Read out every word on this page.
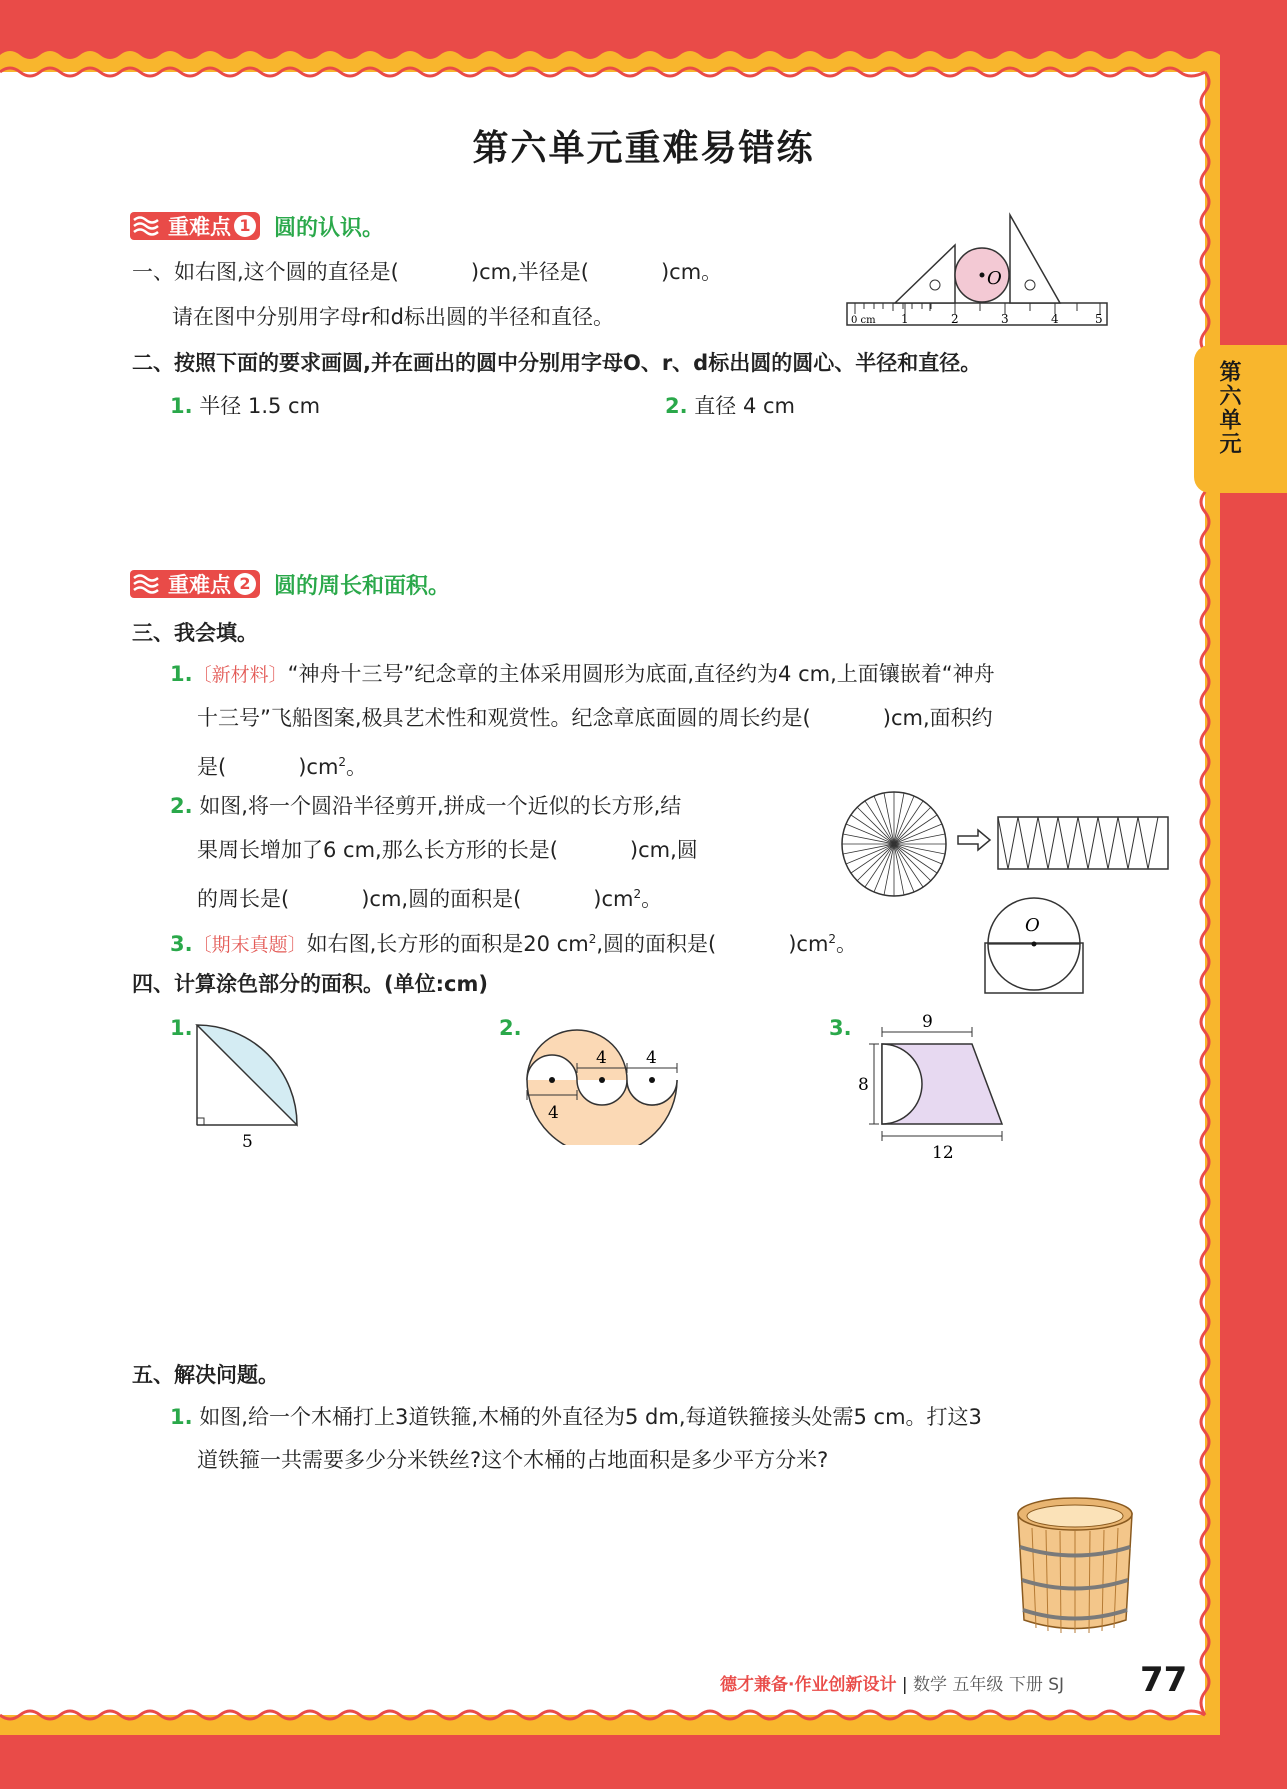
第六单元
第六单元重难易错练
重难点 1 圆的认识。
一、如右图,这个圆的直径是(	)cm,半径是(	)cm。
请在图中分别用字母r和d标出圆的半径和直径。	0 cm 1	2	3	4	5
O
二、按照下面的要求画圆,并在画出的圆中分别用字母O、r、d标出圆的圆心、半径和直径。
1. 半径 1.5 cm	2. 直径 4 cm
重难点 2 圆的周长和面积。
三、我会填。
1.〔新材料〕“神舟十三号”纪念章的主体采用圆形为底面,直径约为4 cm,上面镶嵌着“神舟
十三号”飞船图案,极具艺术性和观赏性。纪念章底面圆的周长约是(	)cm,面积约
是(	)$cm^2$。
2. 如图,将一个圆沿半径剪开,拼成一个近似的长方形,结
果周长增加了6 cm,那么长方形的长是(	)cm,圆
的周长是(	)cm,圆的面积是(	)$cm^2$。
3.〔期末真题〕如右图,长方形的面积是20 $cm^2$,圆的面积是(	)$cm^2$。
O
四、计算涂色部分的面积。(单位:cm)
1.
5
2.
4 4
4
3.	9
8
12
五、解决问题。
1. 如图,给一个木桶打上3道铁箍,木桶的外直径为5 dm,每道铁箍接头处需5 cm。打这3
道铁箍一共需要多少分米铁丝?这个木桶的占地面积是多少平方分米?
德才兼备·作业创新设计 | 数学 五年级 下册 SJ 77
